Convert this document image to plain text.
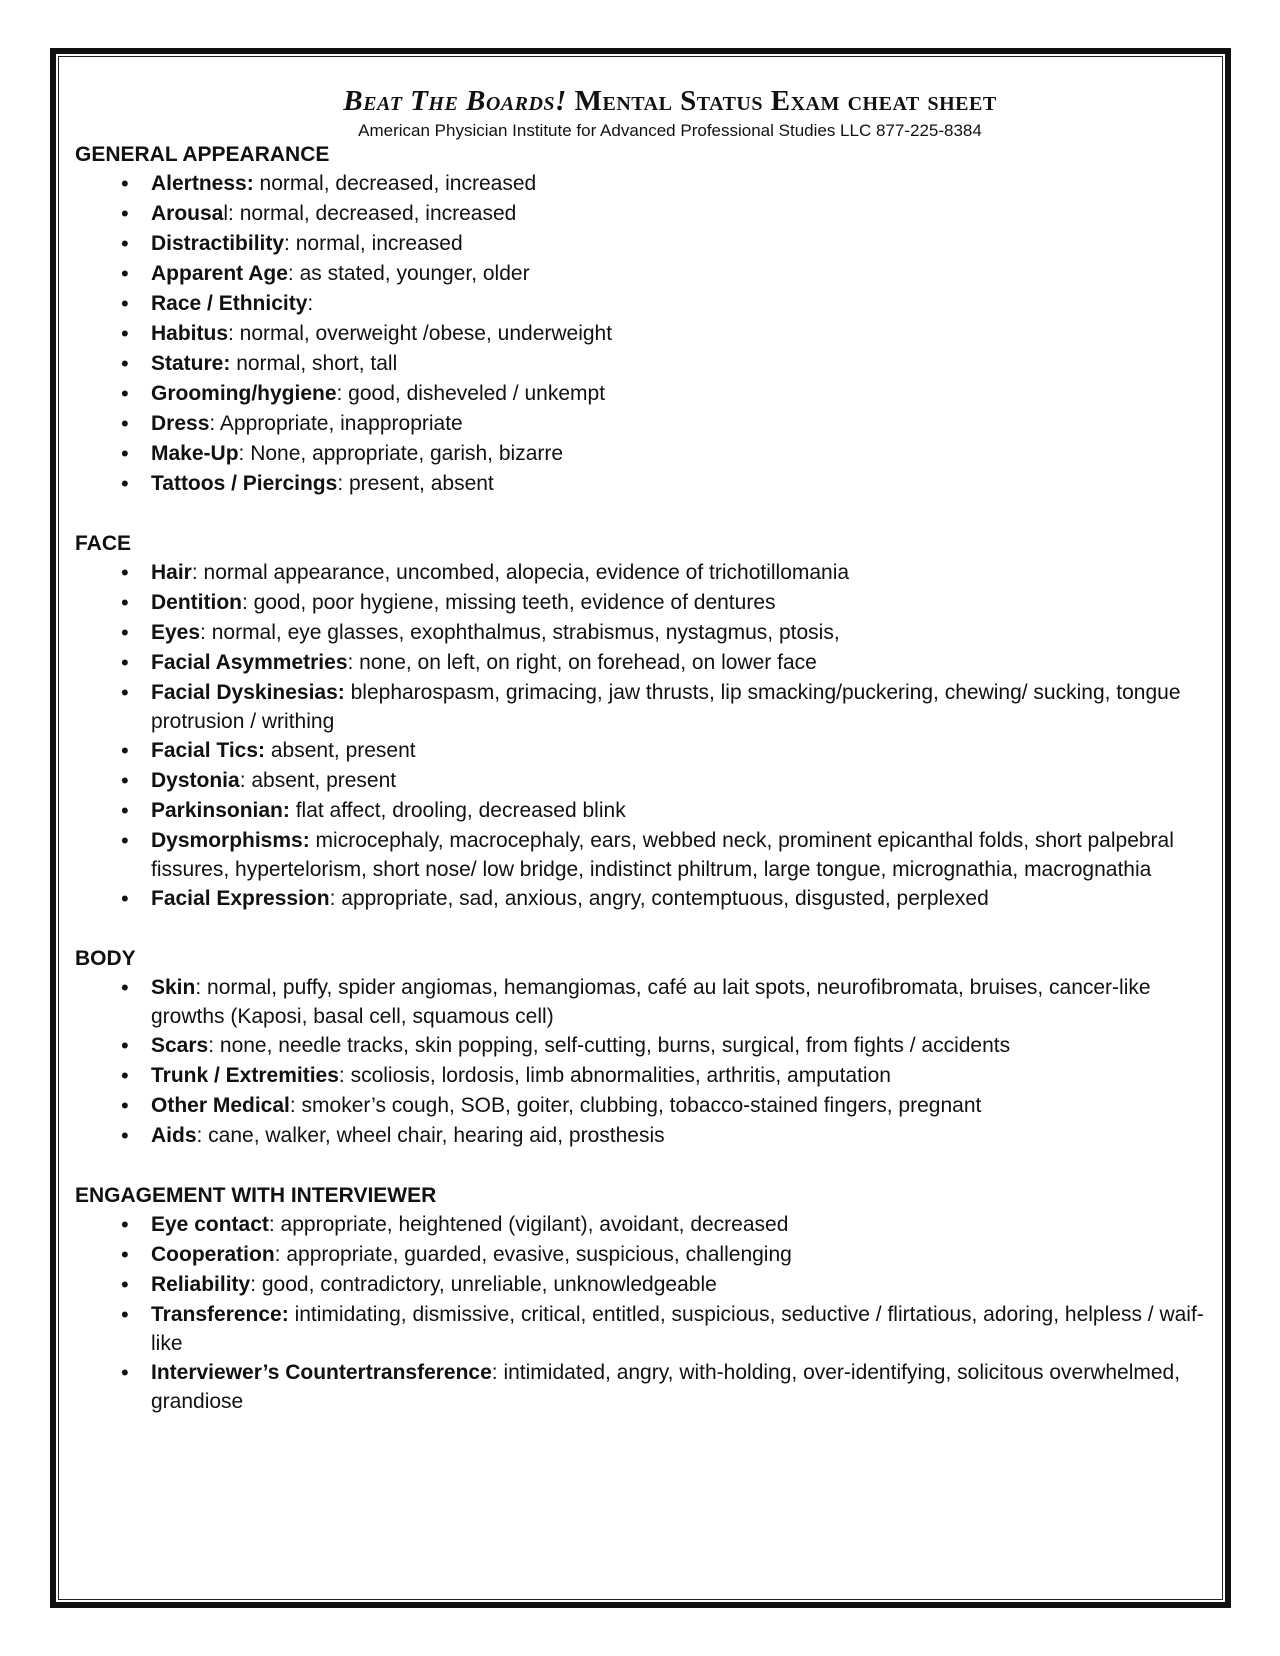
Beat The Boards! Mental Status Exam cheat sheet
American Physician Institute for Advanced Professional Studies LLC 877-225-8384
GENERAL APPEARANCE
• Alertness: normal, decreased, increased
• Arousal: normal, decreased, increased
• Distractibility: normal, increased
• Apparent Age: as stated, younger, older
• Race / Ethnicity:
• Habitus: normal, overweight /obese, underweight
• Stature: normal, short, tall
• Grooming/hygiene: good, disheveled / unkempt
• Dress: Appropriate, inappropriate
• Make-Up: None, appropriate, garish, bizarre
• Tattoos / Piercings: present, absent
FACE
• Hair: normal appearance, uncombed, alopecia, evidence of trichotillomania
• Dentition: good, poor hygiene, missing teeth, evidence of dentures
• Eyes: normal, eye glasses, exophthalmus, strabismus, nystagmus, ptosis,
• Facial Asymmetries: none, on left, on right, on forehead, on lower face
• Facial Dyskinesias: blepharospasm, grimacing, jaw thrusts, lip smacking/puckering, chewing/ sucking, tongue protrusion / writhing
• Facial Tics: absent, present
• Dystonia: absent, present
• Parkinsonian: flat affect, drooling, decreased blink
• Dysmorphisms: microcephaly, macrocephaly, ears, webbed neck, prominent epicanthal folds, short palpebral fissures, hypertelorism, short nose/ low bridge, indistinct philtrum, large tongue, micrognathia, macrognathia
• Facial Expression: appropriate, sad, anxious, angry, contemptuous, disgusted, perplexed
BODY
• Skin: normal, puffy, spider angiomas, hemangiomas, café au lait spots, neurofibromata, bruises, cancer-like growths (Kaposi, basal cell, squamous cell)
• Scars: none, needle tracks, skin popping, self-cutting, burns, surgical, from fights / accidents
• Trunk / Extremities: scoliosis, lordosis, limb abnormalities, arthritis, amputation
• Other Medical: smoker’s cough, SOB, goiter, clubbing, tobacco-stained fingers, pregnant
• Aids: cane, walker, wheel chair, hearing aid, prosthesis
ENGAGEMENT WITH INTERVIEWER
• Eye contact: appropriate, heightened (vigilant), avoidant, decreased
• Cooperation: appropriate, guarded, evasive, suspicious, challenging
• Reliability: good, contradictory, unreliable, unknowledgeable
• Transference: intimidating, dismissive, critical, entitled, suspicious, seductive / flirtatious, adoring, helpless / waif-like
• Interviewer’s Countertransference: intimidated, angry, with-holding, over-identifying, solicitous overwhelmed, grandiose
